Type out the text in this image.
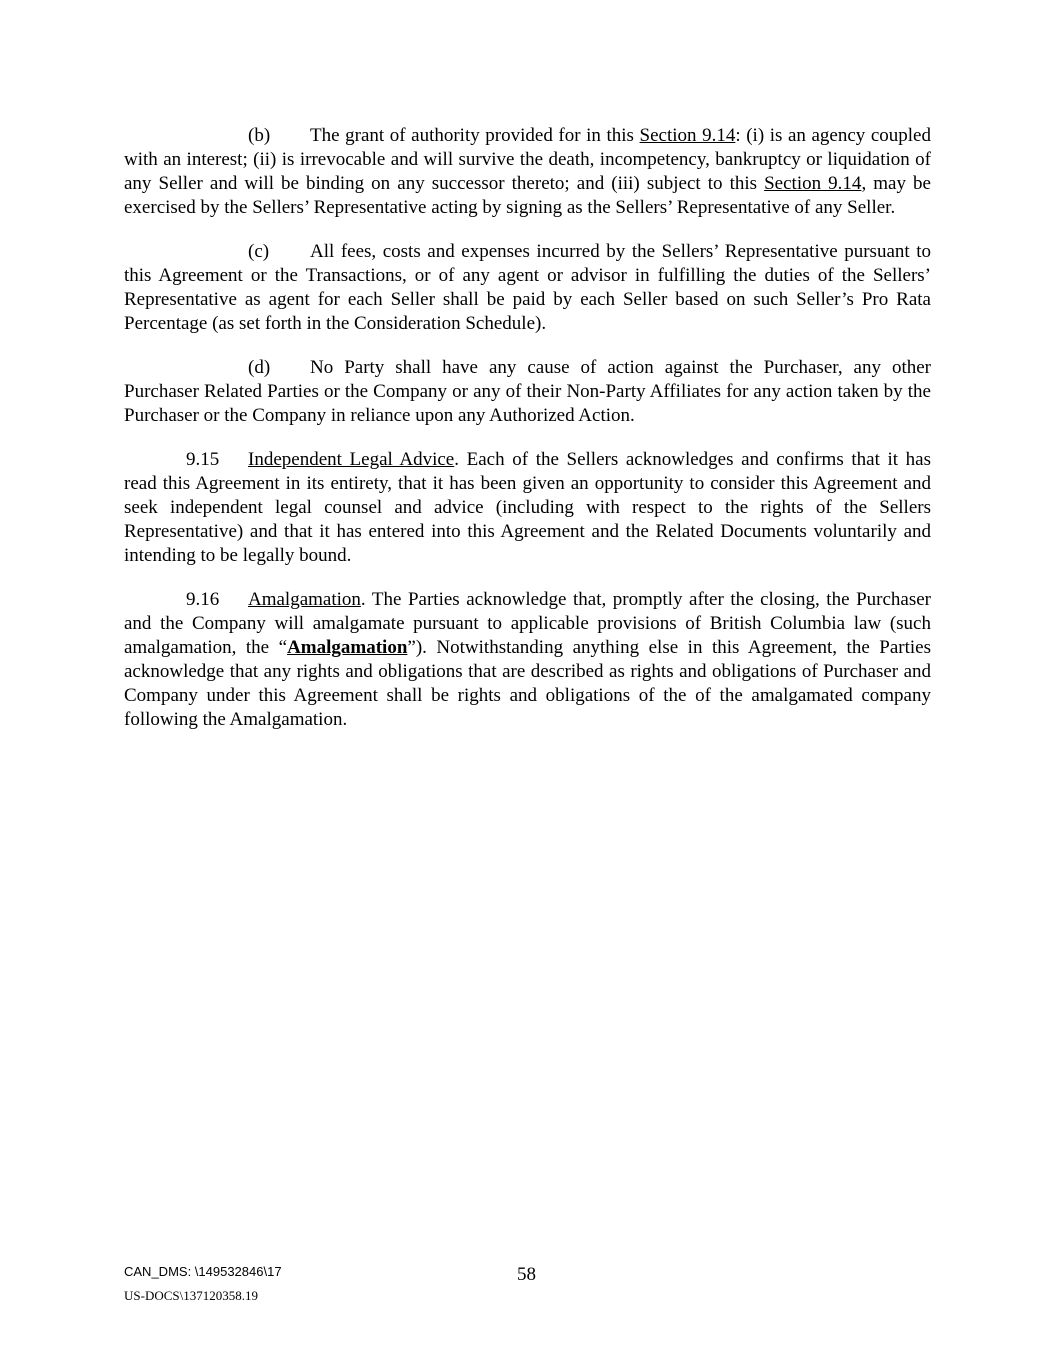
(b) The grant of authority provided for in this Section 9.14: (i) is an agency coupled with an interest; (ii) is irrevocable and will survive the death, incompetency, bankruptcy or liquidation of any Seller and will be binding on any successor thereto; and (iii) subject to this Section 9.14, may be exercised by the Sellers’ Representative acting by signing as the Sellers’ Representative of any Seller.

(c) All fees, costs and expenses incurred by the Sellers’ Representative pursuant to this Agreement or the Transactions, or of any agent or advisor in fulfilling the duties of the Sellers’ Representative as agent for each Seller shall be paid by each Seller based on such Seller’s Pro Rata Percentage (as set forth in the Consideration Schedule).

(d) No Party shall have any cause of action against the Purchaser, any other Purchaser Related Parties or the Company or any of their Non-Party Affiliates for any action taken by the Purchaser or the Company in reliance upon any Authorized Action.

9.15 Independent Legal Advice. Each of the Sellers acknowledges and confirms that it has read this Agreement in its entirety, that it has been given an opportunity to consider this Agreement and seek independent legal counsel and advice (including with respect to the rights of the Sellers Representative) and that it has entered into this Agreement and the Related Documents voluntarily and intending to be legally bound.

9.16 Amalgamation. The Parties acknowledge that, promptly after the closing, the Purchaser and the Company will amalgamate pursuant to applicable provisions of British Columbia law (such amalgamation, the “Amalgamation”). Notwithstanding anything else in this Agreement, the Parties acknowledge that any rights and obligations that are described as rights and obligations of Purchaser and Company under this Agreement shall be rights and obligations of the of the amalgamated company following the Amalgamation.

CAN_DMS: \149532846\17	58
US-DOCS\137120358.19
